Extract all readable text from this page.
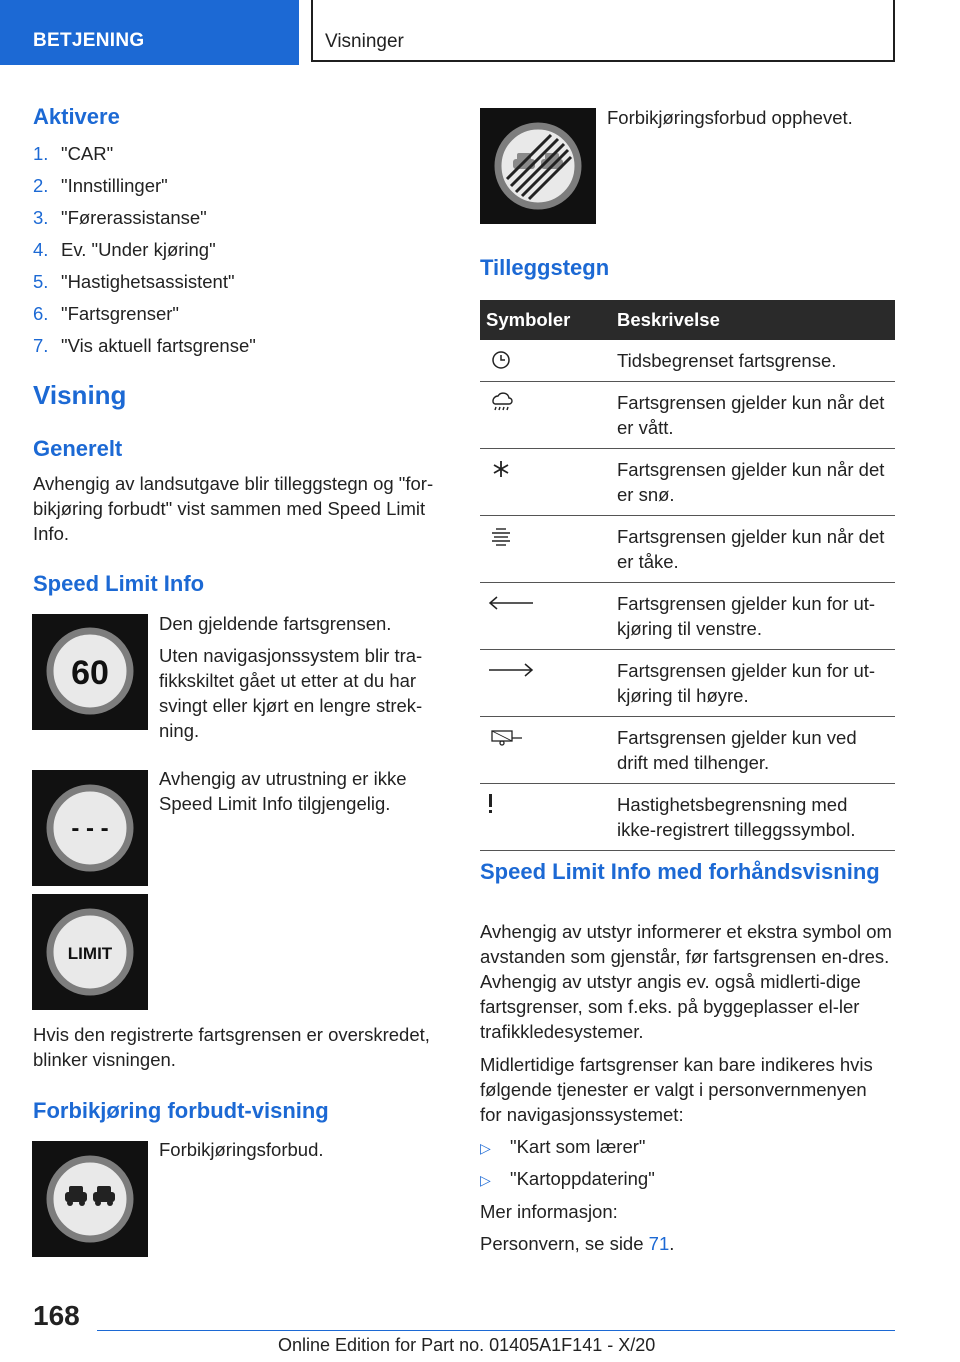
BETJENING	Visninger
Aktivere
1. "CAR"
2. "Innstillinger"
3. "Førerassistanse"
4. Ev. "Under kjøring"
5. "Hastighetsassistent"
6. "Fartsgrenser"
7. "Vis aktuell fartsgrense"
Visning
Generelt
Avhengig av landsutgave blir tilleggstegn og "for-bikjøring forbudt" vist sammen med Speed Limit Info.
Speed Limit Info
60
Den gjeldende fartsgrensen.
Uten navigasjonssystem blir tra-fikkskiltet gået ut etter at du har svingt eller kjørt en lengre strek-ning.
- - -
Avhengig av utrustning er ikke Speed Limit Info tilgjengelig.
LIMIT
Hvis den registrerte fartsgrensen er overskredet, blinker visningen.
Forbikjøring forbudt-visning
Forbikjøringsforbud.
Forbikjøringsforbud opphevet.
Tilleggstegn
Symboler	Beskrivelse

	Tidsbegrenset fartsgrense.

	Fartsgrensen gjelder kun når det er vått.

	Fartsgrensen gjelder kun når det er snø.

	Fartsgrensen gjelder kun når det er tåke.

	Fartsgrensen gjelder kun for ut-kjøring til venstre.

	Fartsgrensen gjelder kun for ut-kjøring til høyre.

	Fartsgrensen gjelder kun ved drift med tilhenger.

	Hastighetsbegrensning med ikke-registrert tilleggssymbol.
Speed Limit Info med forhåndsvisning
Avhengig av utstyr informerer et ekstra symbol om avstanden som gjenstår, før fartsgrensen en-dres. Avhengig av utstyr angis ev. også midlerti-dige fartsgrenser, som f.eks. på byggeplasser el-ler trafikkledesystemer.
Midlertidige fartsgrenser kan bare indikeres hvis følgende tjenester er valgt i personvernmenyen for navigasjonssystemet:
▷ "Kart som lærer"
▷ "Kartoppdatering"
Mer informasjon:
Personvern, se side 71.
168
Online Edition for Part no. 01405A1F141 - X/20
